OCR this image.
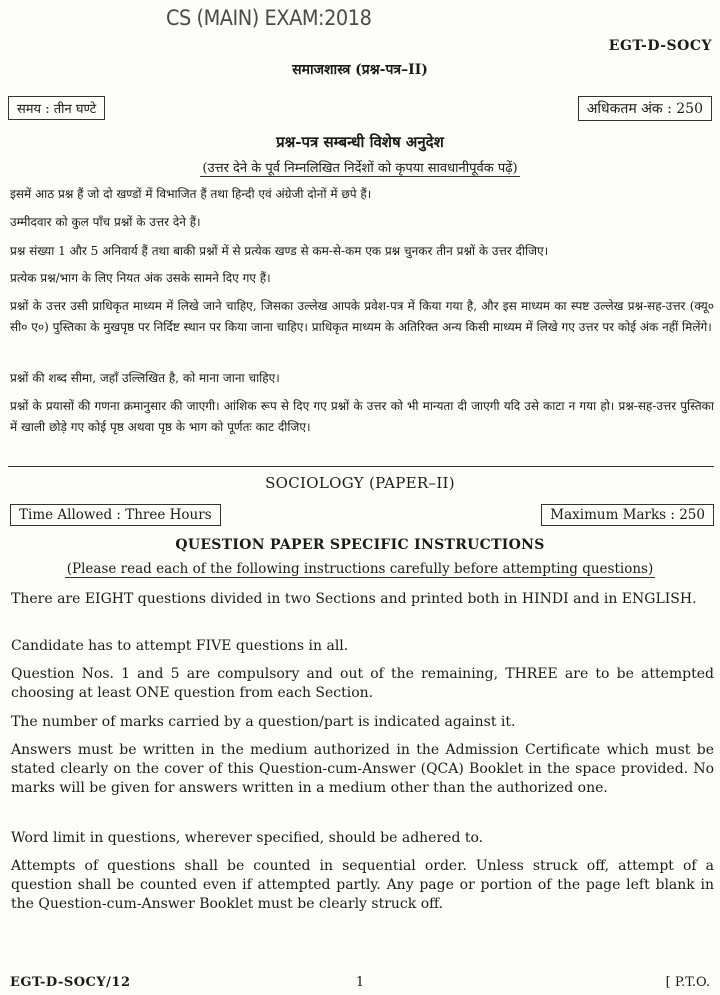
CS (MAIN) EXAM:2018
EGT-D-SOCY
समाजशास्त्र (प्रश्न-पत्र–II)
समय : तीन घण्टे	अधिकतम अंक : 250
प्रश्न-पत्र सम्बन्धी विशेष अनुदेश
(उत्तर देने के पूर्व निम्नलिखित निर्देशों को कृपया सावधानीपूर्वक पढ़ें)
इसमें आठ प्रश्न हैं जो दो खण्डों में विभाजित हैं तथा हिन्दी एवं अंग्रेजी दोनों में छपे हैं।
उम्मीदवार को कुल पाँच प्रश्नों के उत्तर देने हैं।
प्रश्न संख्या 1 और 5 अनिवार्य हैं तथा बाकी प्रश्नों में से प्रत्येक खण्ड से कम-से-कम एक प्रश्न चुनकर तीन प्रश्नों के उत्तर दीजिए।
प्रत्येक प्रश्न/भाग के लिए नियत अंक उसके सामने दिए गए हैं।
प्रश्नों के उत्तर उसी प्राधिकृत माध्यम में लिखे जाने चाहिए, जिसका उल्लेख आपके प्रवेश-पत्र में किया गया है, और इस माध्यम का स्पष्ट उल्लेख प्रश्न-सह-उत्तर (क्यू० सी० ए०) पुस्तिका के मुखपृष्ठ पर निर्दिष्ट स्थान पर किया जाना चाहिए। प्राधिकृत माध्यम के अतिरिक्त अन्य किसी माध्यम में लिखे गए उत्तर पर कोई अंक नहीं मिलेंगे।
प्रश्नों की शब्द सीमा, जहाँ उल्लिखित है, को माना जाना चाहिए।
प्रश्नों के प्रयासों की गणना क्रमानुसार की जाएगी। आंशिक रूप से दिए गए प्रश्नों के उत्तर को भी मान्यता दी जाएगी यदि उसे काटा न गया हो। प्रश्न-सह-उत्तर पुस्तिका में खाली छोड़े गए कोई पृष्ठ अथवा पृष्ठ के भाग को पूर्णतः काट दीजिए।
SOCIOLOGY (PAPER–II)
Time Allowed : Three Hours	Maximum Marks : 250
QUESTION PAPER SPECIFIC INSTRUCTIONS
(Please read each of the following instructions carefully before attempting questions)
There are EIGHT questions divided in two Sections and printed both in HINDI and in ENGLISH.
Candidate has to attempt FIVE questions in all.
Question Nos. 1 and 5 are compulsory and out of the remaining, THREE are to be attempted choosing at least ONE question from each Section.
The number of marks carried by a question/part is indicated against it.
Answers must be written in the medium authorized in the Admission Certificate which must be stated clearly on the cover of this Question-cum-Answer (QCA) Booklet in the space provided. No marks will be given for answers written in a medium other than the authorized one.
Word limit in questions, wherever specified, should be adhered to.
Attempts of questions shall be counted in sequential order. Unless struck off, attempt of a question shall be counted even if attempted partly. Any page or portion of the page left blank in the Question-cum-Answer Booklet must be clearly struck off.
EGT-D-SOCY/12	1	[ P.T.O.
